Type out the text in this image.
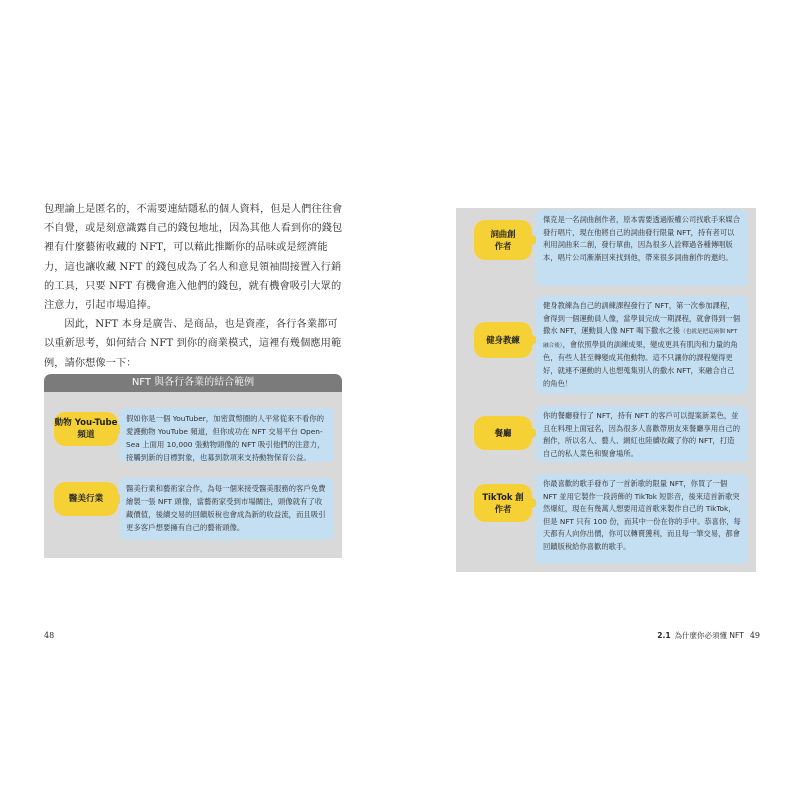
包理論上是匿名的，不需要連結隱私的個人資料，但是人們往往會不自覺，或是刻意識露自己的錢包地址，因為其他人看到你的錢包裡有什麼藝術收藏的 NFT，可以藉此推斷你的品味或是經濟能力，這也讓收藏 NFT 的錢包成為了名人和意見領袖間接置入行銷的工具，只要 NFT 有機會進入他們的錢包，就有機會吸引大眾的注意力，引起市場追捧。

因此，NFT 本身是廣告、是商品，也是資產，各行各業都可以重新思考，如何結合 NFT 到你的商業模式，這裡有幾個應用範例，請你想像一下：

NFT 與各行各業的結合範例
動物 You-Tube 頻道
假如你是一個 YouTuber，加密貨幣圈的人平常從來不看你的愛護動物 YouTube 頻道，但你成功在 NFT 交易平台 Open-Sea 上面用 10,000 張動物頭像的 NFT 吸引他們的注意力，接觸到新的目標對象，也募到款項來支持動物保育公益。
醫美行業
醫美行業和藝術家合作，為每一個來接受醫美服務的客戶免費繪製一張 NFT 頭像，當藝術家受到市場關注，頭像就有了收藏價值，後續交易的回饋版稅也會成為新的收益流，而且吸引更多客戶想要擁有自己的藝術頭像。
48
詞曲創作者
傑克是一名詞曲創作者，原本需要透過版權公司找歌手來媒合發行唱片，現在他將自己的詞曲發行限量 NFT，持有者可以利用詞曲來二創，發行單曲，因為很多人詮釋過各種傳唱版本，唱片公司漸漸回來找到他，帶來很多詞曲創作的邀約。
健身教練
健身教練為自己的訓練課程發行了 NFT，第一次參加課程，會得到一個運動員人像，當學員完成一期課程，就會得到一個撒水 NFT，運動員人像 NFT 喝下撒水之後（也就是把這兩個 NFT融合後），會依照學員的訓練成果，變成更具有肌肉和力量的角色，有些人甚至轉變成其他動物。這不只讓你的課程變得更好，就連不運動的人也想蒐集別人的撒水 NFT，來融合自己的角色！
餐廳
你的餐廳發行了 NFT，持有 NFT 的客戶可以提案新菜色，並且在料理上面冠名，因為很多人喜歡帶朋友來餐廳享用自己的創作，所以名人、藝人、網紅也陸續收藏了你的 NFT，打造自己的私人菜色和聚會場所。
TikTok 創作者
你最喜歡的歌手發布了一首新歌的限量 NFT，你買了一個 NFT 並用它製作一段誇飾的 TikTok 短影音，後來這首新歌突然爆紅，現在有幾萬人想要用這首歌來製作自己的 TikTok，但是 NFT 只有 100 份，而其中一份在你的手中。恭喜你，每天都有人向你出價，你可以轉賣獲利，而且每一筆交易，都會回饋版稅給你喜歡的歌手。
2.1 為什麼你必須懂 NFT 49
